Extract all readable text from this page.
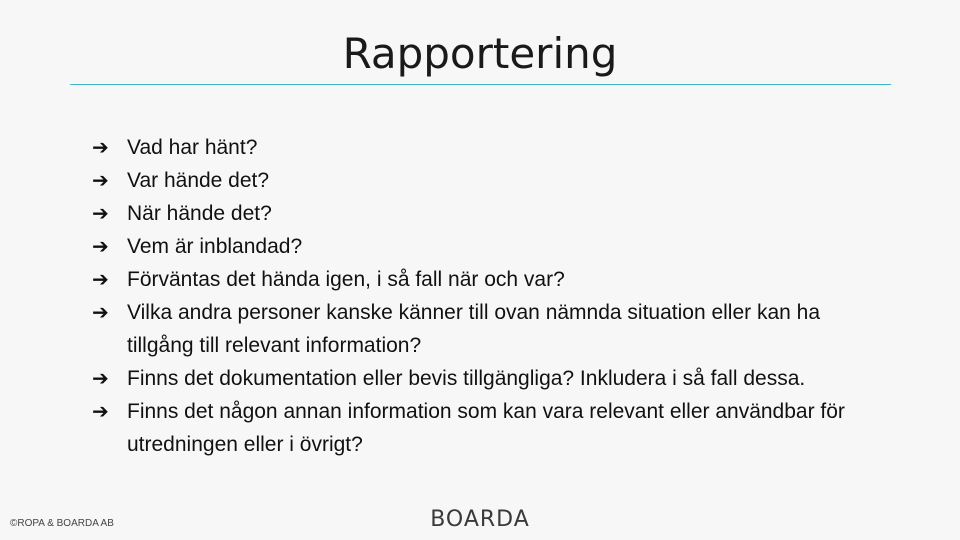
Rapportering
➔ Vad har hänt?
➔ Var hände det?
➔ När hände det?
➔ Vem är inblandad?
➔ Förväntas det hända igen, i så fall när och var?
➔ Vilka andra personer kanske känner till ovan nämnda situation eller kan ha tillgång till relevant information?
➔ Finns det dokumentation eller bevis tillgängliga? Inkludera i så fall dessa.
➔ Finns det någon annan information som kan vara relevant eller användbar för utredningen eller i övrigt?
©ROPA & BOARDA AB	BOARDA
